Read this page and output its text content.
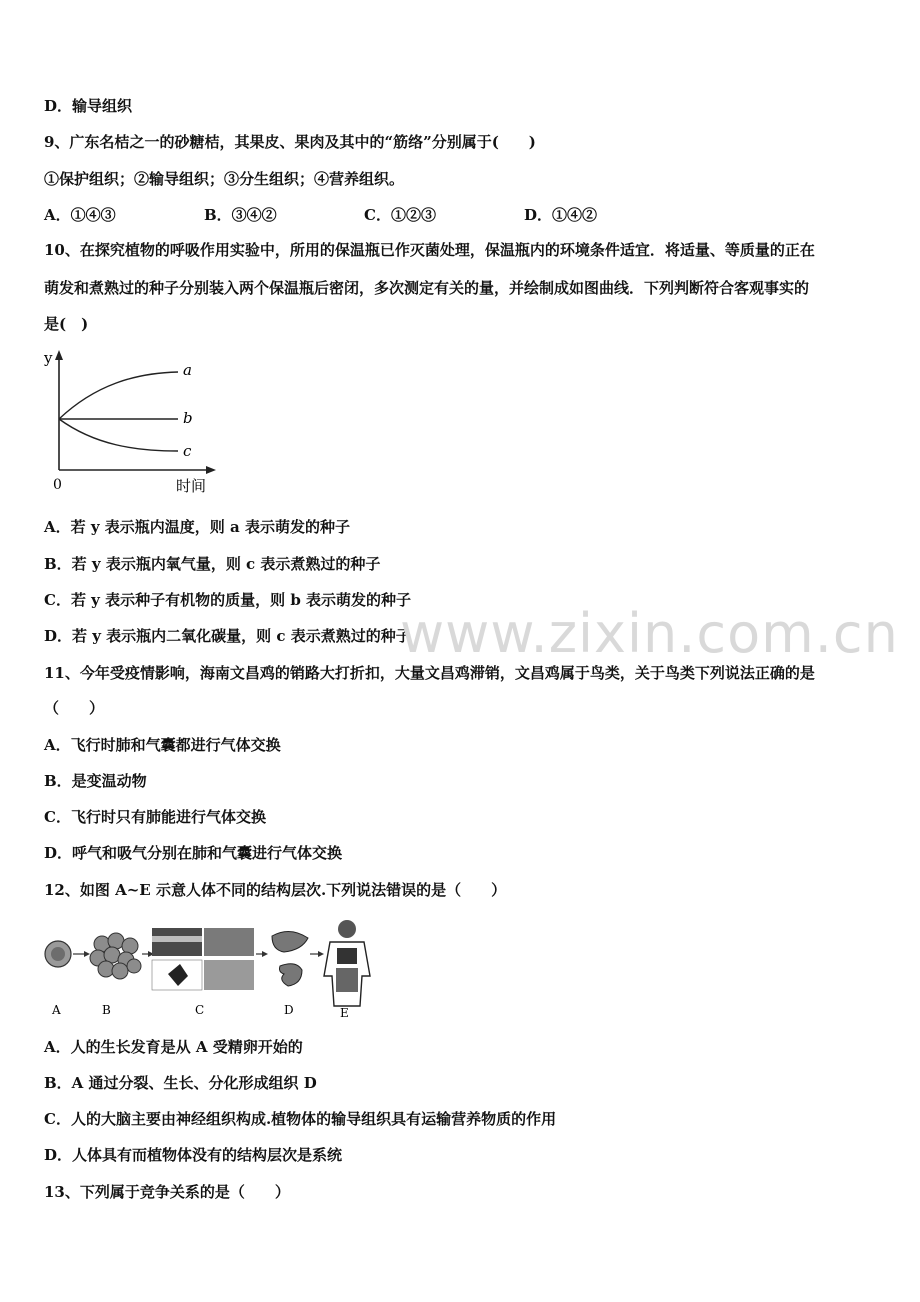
D．输导组织
9、广东名桔之一的砂糖桔，其果皮、果肉及其中的“筋络”分别属于(　　)
①保护组织；②输导组织；③分生组织；④营养组织。
A．①④③	B．③④②	C．①②③	D．①④②
10、在探究植物的呼吸作用实验中，所用的保温瓶已作灭菌处理，保温瓶内的环境条件适宜．将适量、等质量的正在
萌发和煮熟过的种子分别装入两个保温瓶后密闭，多次测定有关的量，并绘制成如图曲线．下列判断符合客观事实的
是(　)
y
0	时间
a
b
c
A．若 y 表示瓶内温度，则 a 表示萌发的种子
B．若 y 表示瓶内氧气量，则 c 表示煮熟过的种子
C．若 y 表示种子有机物的质量，则 b 表示萌发的种子
D．若 y 表示瓶内二氧化碳量，则 c 表示煮熟过的种子
www.zixin.com.cn
11、今年受疫情影响，海南文昌鸡的销路大打折扣，大量文昌鸡滞销，文昌鸡属于鸟类，关于鸟类下列说法正确的是
（　　）
A．飞行时肺和气囊都进行气体交换
B．是变温动物
C．飞行时只有肺能进行气体交换
D．呼气和吸气分别在肺和气囊进行气体交换
12、如图 A~E 示意人体不同的结构层次.下列说法错误的是（　　）
A	B	C	D	E
A．人的生长发育是从 A 受精卵开始的
B．A 通过分裂、生长、分化形成组织 D
C．人的大脑主要由神经组织构成.植物体的输导组织具有运输营养物质的作用
D．人体具有而植物体没有的结构层次是系统
13、下列属于竞争关系的是（　　）
